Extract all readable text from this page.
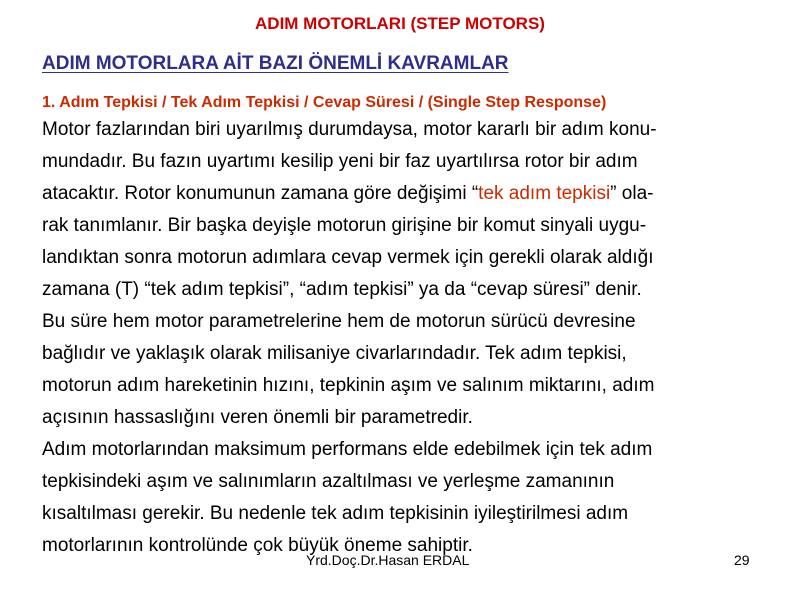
ADIM MOTORLARI (STEP MOTORS)
ADIM MOTORLARA AİT BAZI ÖNEMLİ KAVRAMLAR
1. Adım Tepkisi / Tek Adım Tepkisi / Cevap Süresi / (Single Step Response)
Motor fazlarından biri uyarılmış durumdaysa, motor kararlı bir adım konu-
mundadır. Bu fazın uyartımı kesilip yeni bir faz uyartılırsa rotor bir adım
atacaktır. Rotor konumunun zamana göre değişimi “tek adım tepkisi” ola-
rak tanımlanır. Bir başka deyişle motorun girişine bir komut sinyali uygu-
landıktan sonra motorun adımlara cevap vermek için gerekli olarak aldığı
zamana (T) “tek adım tepkisi”, “adım tepkisi” ya da “cevap süresi” denir.
Bu süre hem motor parametrelerine hem de motorun sürücü devresine
bağlıdır ve yaklaşık olarak milisaniye civarlarındadır. Tek adım tepkisi,
motorun adım hareketinin hızını, tepkinin aşım ve salınım miktarını, adım
açısının hassaslığını veren önemli bir parametredir.
Adım motorlarından maksimum performans elde edebilmek için tek adım
tepkisindeki aşım ve salınımların azaltılması ve yerleşme zamanının
kısaltılması gerekir. Bu nedenle tek adım tepkisinin iyileştirilmesi adım
motorlarının kontrolünde çok büyük öneme sahiptir.
Yrd.Doç.Dr.Hasan ERDAL	29
